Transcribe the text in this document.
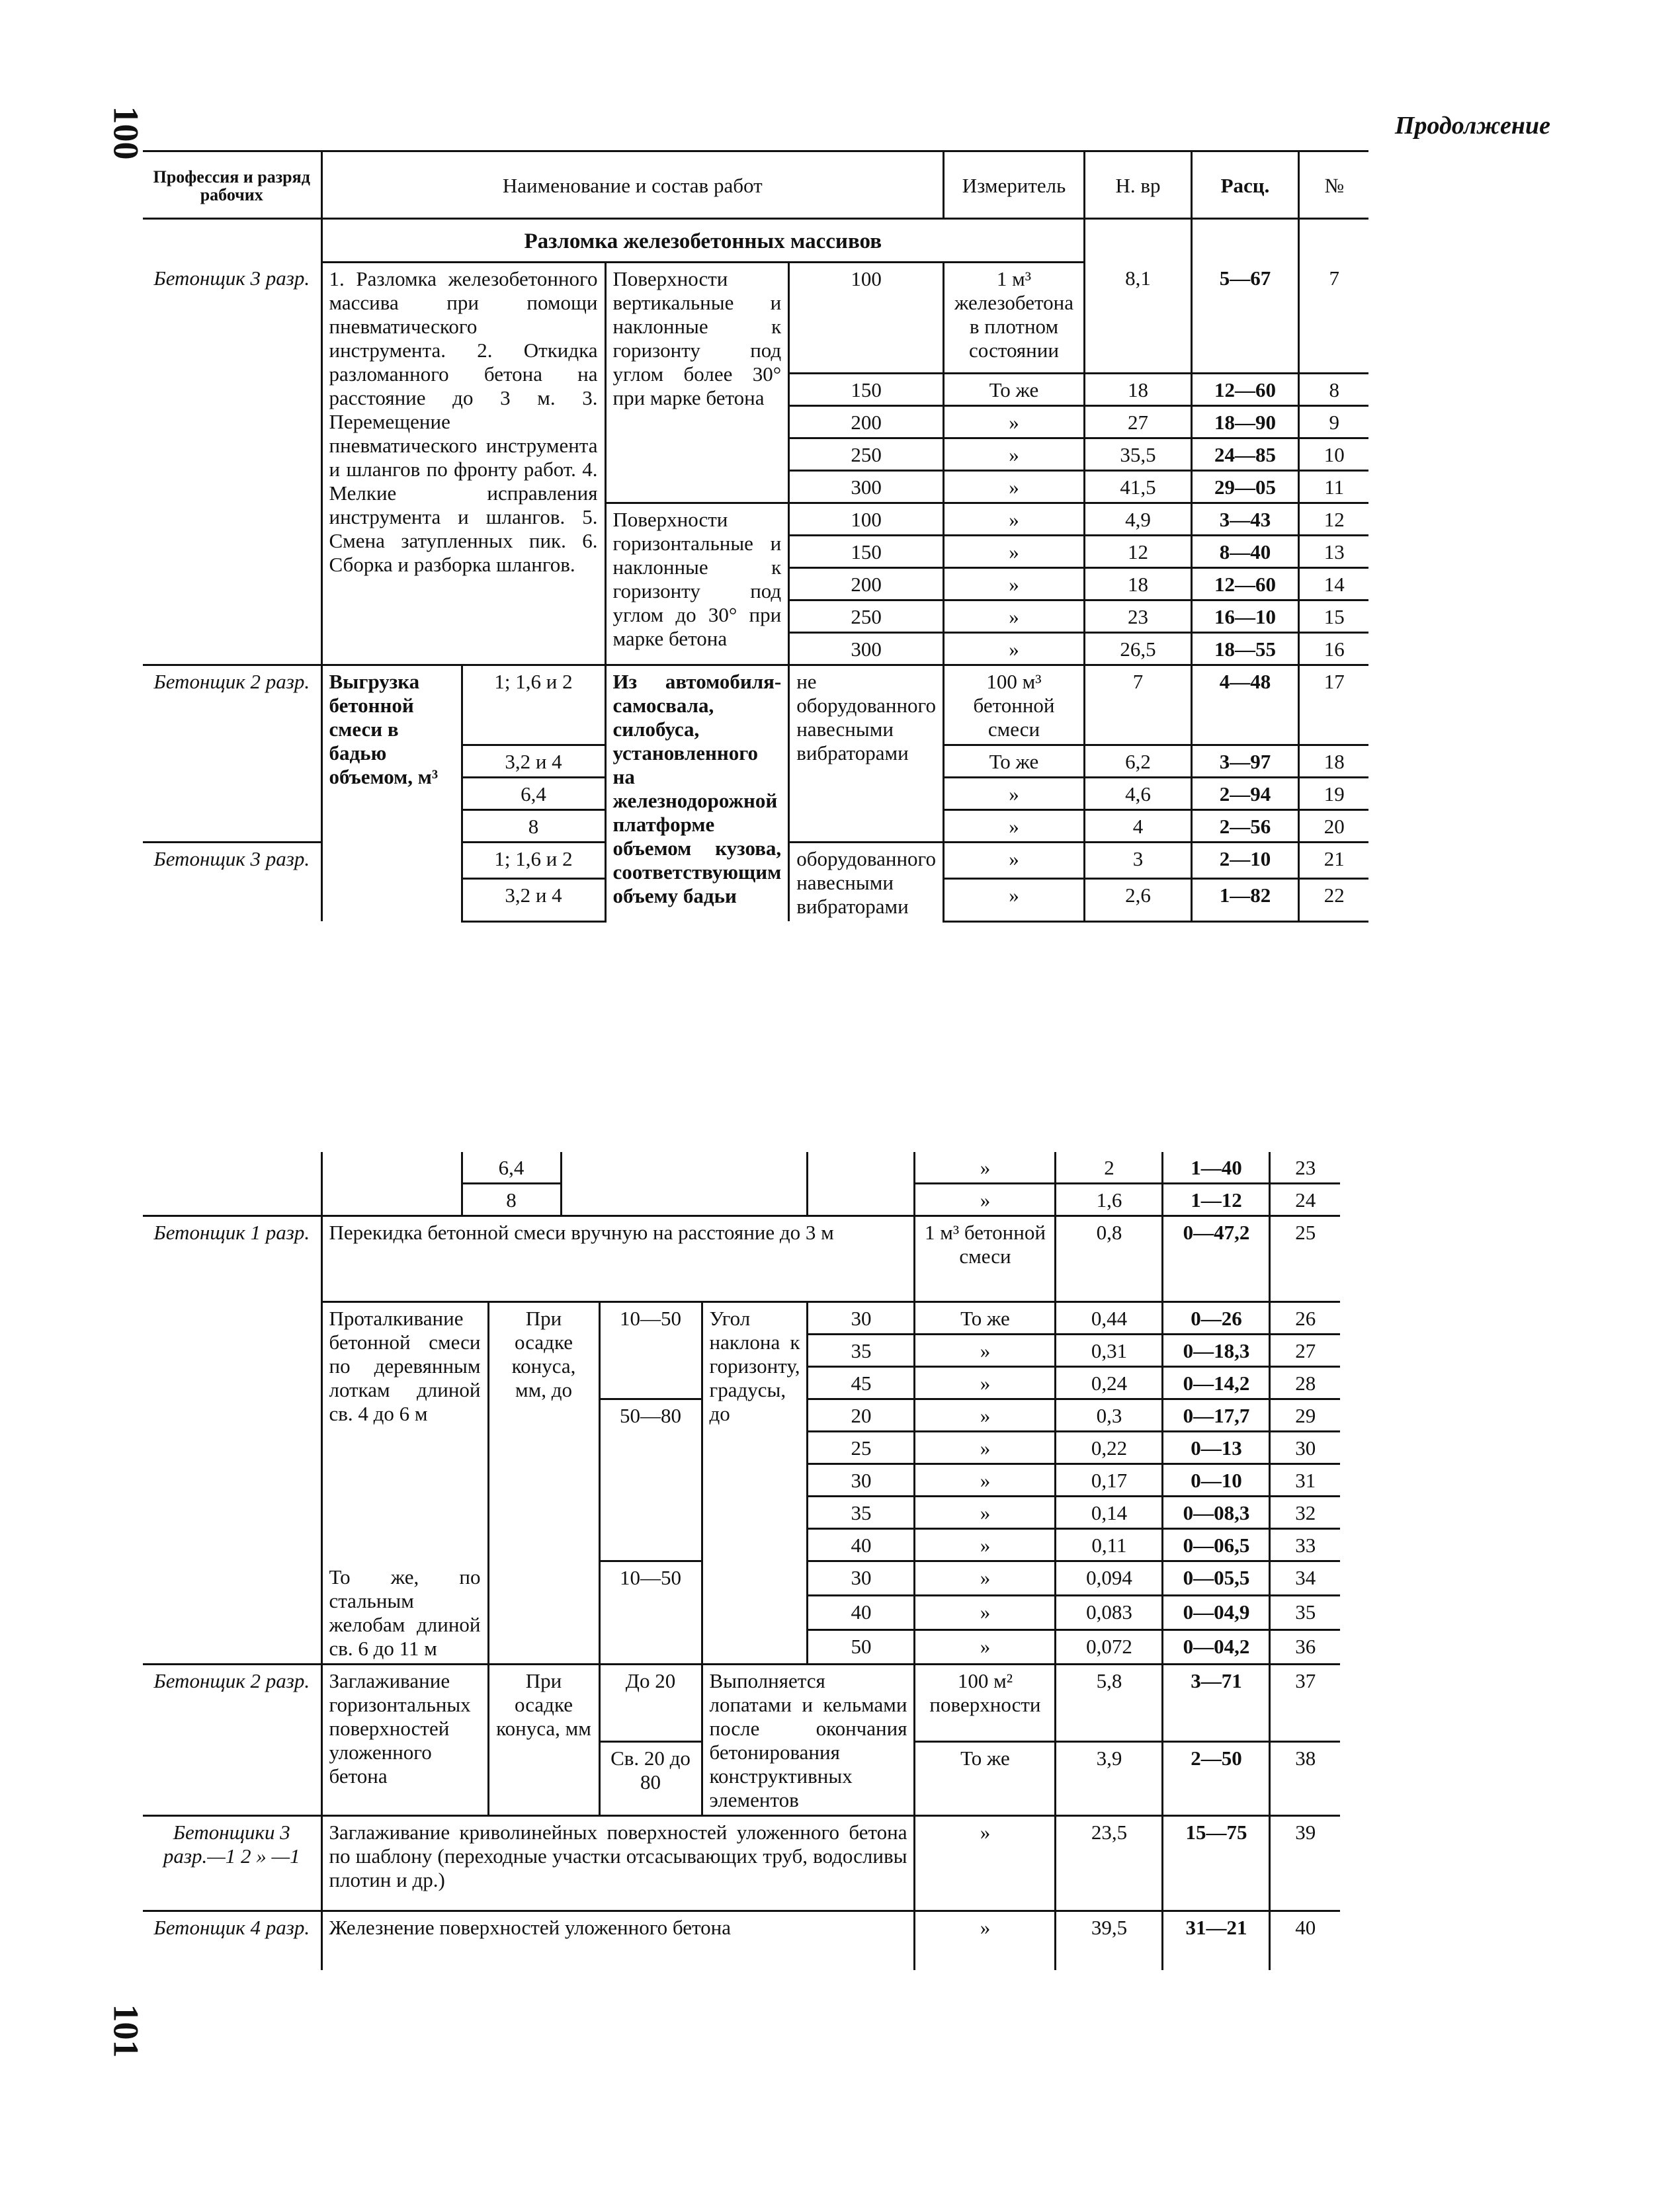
100
101
Продолжение
Профессия и разряд рабочих	Наименование и состав работ				Измеритель	Н. вр	Расц.	№
	Разломка железобетонных массивов							
Бетонщик 3 разр.	1. Разломка железобетонного массива при помощи пневматического инструмента. 2. Откидка разломанного бетона на расстояние до 3 м. 3. Перемещение пневматического инструмента и шлангов по фронту работ. 4. Мелкие исправления инструмента и шлангов. 5. Смена затупленных пик. 6. Сборка и разборка шлангов.		Поверхности вертикальные и наклонные к горизонту под углом более 30° при марке бетона	100	1 м³ железобетона в плотном состоянии	8,1	5—67	7
				150	То же	18	12—60	8
				200	»	27	18—90	9
				250	»	35,5	24—85	10
				300	»	41,5	29—05	11
			Поверхности горизонтальные и наклонные к горизонту под углом до 30° при марке бетона	100	»	4,9	3—43	12
				150	»	12	8—40	13
				200	»	18	12—60	14
				250	»	23	16—10	15
				300	»	26,5	18—55	16
Бетонщик 2 разр.	Выгрузка бетонной смеси в бадью объемом, м³	1; 1,6 и 2	Из автомобиля-самосвала, силобуса, установленного на железнодорожной платформе объемом кузова, соответствующим объему бадьи	не оборудованного навесными вибраторами	100 м³ бетонной смеси	7	4—48	17
		3,2 и 4			То же	6,2	3—97	18
		6,4			»	4,6	2—94	19
		8			»	4	2—56	20
Бетонщик 3 разр.		1; 1,6 и 2		оборудованного навесными вибраторами	»	3	2—10	21
		3,2 и 4			»	2,6	1—82	22
		6,4						»	2	1—40	23
		8						»	1,6	1—12	24
Бетонщик 1 разр.	Перекидка бетонной смеси вручную на расстояние до 3 м							1 м³ бетонной смеси	0,8	0—47,2	25
	Проталкивание бетонной смеси по деревянным лоткам длиной св. 4 до 6 м		При осадке конуса, мм, до		10—50	Угол наклона к горизонту, градусы, до	30	То же	0,44	0—26	26
							35	»	0,31	0—18,3	27
							45	»	0,24	0—14,2	28
					50—80		20	»	0,3	0—17,7	29
							25	»	0,22	0—13	30
							30	»	0,17	0—10	31
							35	»	0,14	0—08,3	32
							40	»	0,11	0—06,5	33
	То же, по стальным желобам длиной св. 6 до 11 м				10—50		30	»	0,094	0—05,5	34
							40	»	0,083	0—04,9	35
							50	»	0,072	0—04,2	36
Бетонщик 2 разр.	Заглаживание горизонтальных поверхностей уложенного бетона		При осадке конуса, мм		До 20	Выполняется лопатами и кельмами после окончания бетонирования конструктивных элементов		100 м² поверхности	5,8	3—71	37
					Св. 20 до 80			То же	3,9	2—50	38
Бетонщики 3 разр.—1 2 » —1	Заглаживание криволинейных поверхностей уложенного бетона по шаблону (переходные участки отсасывающих труб, водосливы плотин и др.)							»	23,5	15—75	39
Бетонщик 4 разр.	Железнение поверхностей уложенного бетона							»	39,5	31—21	40
